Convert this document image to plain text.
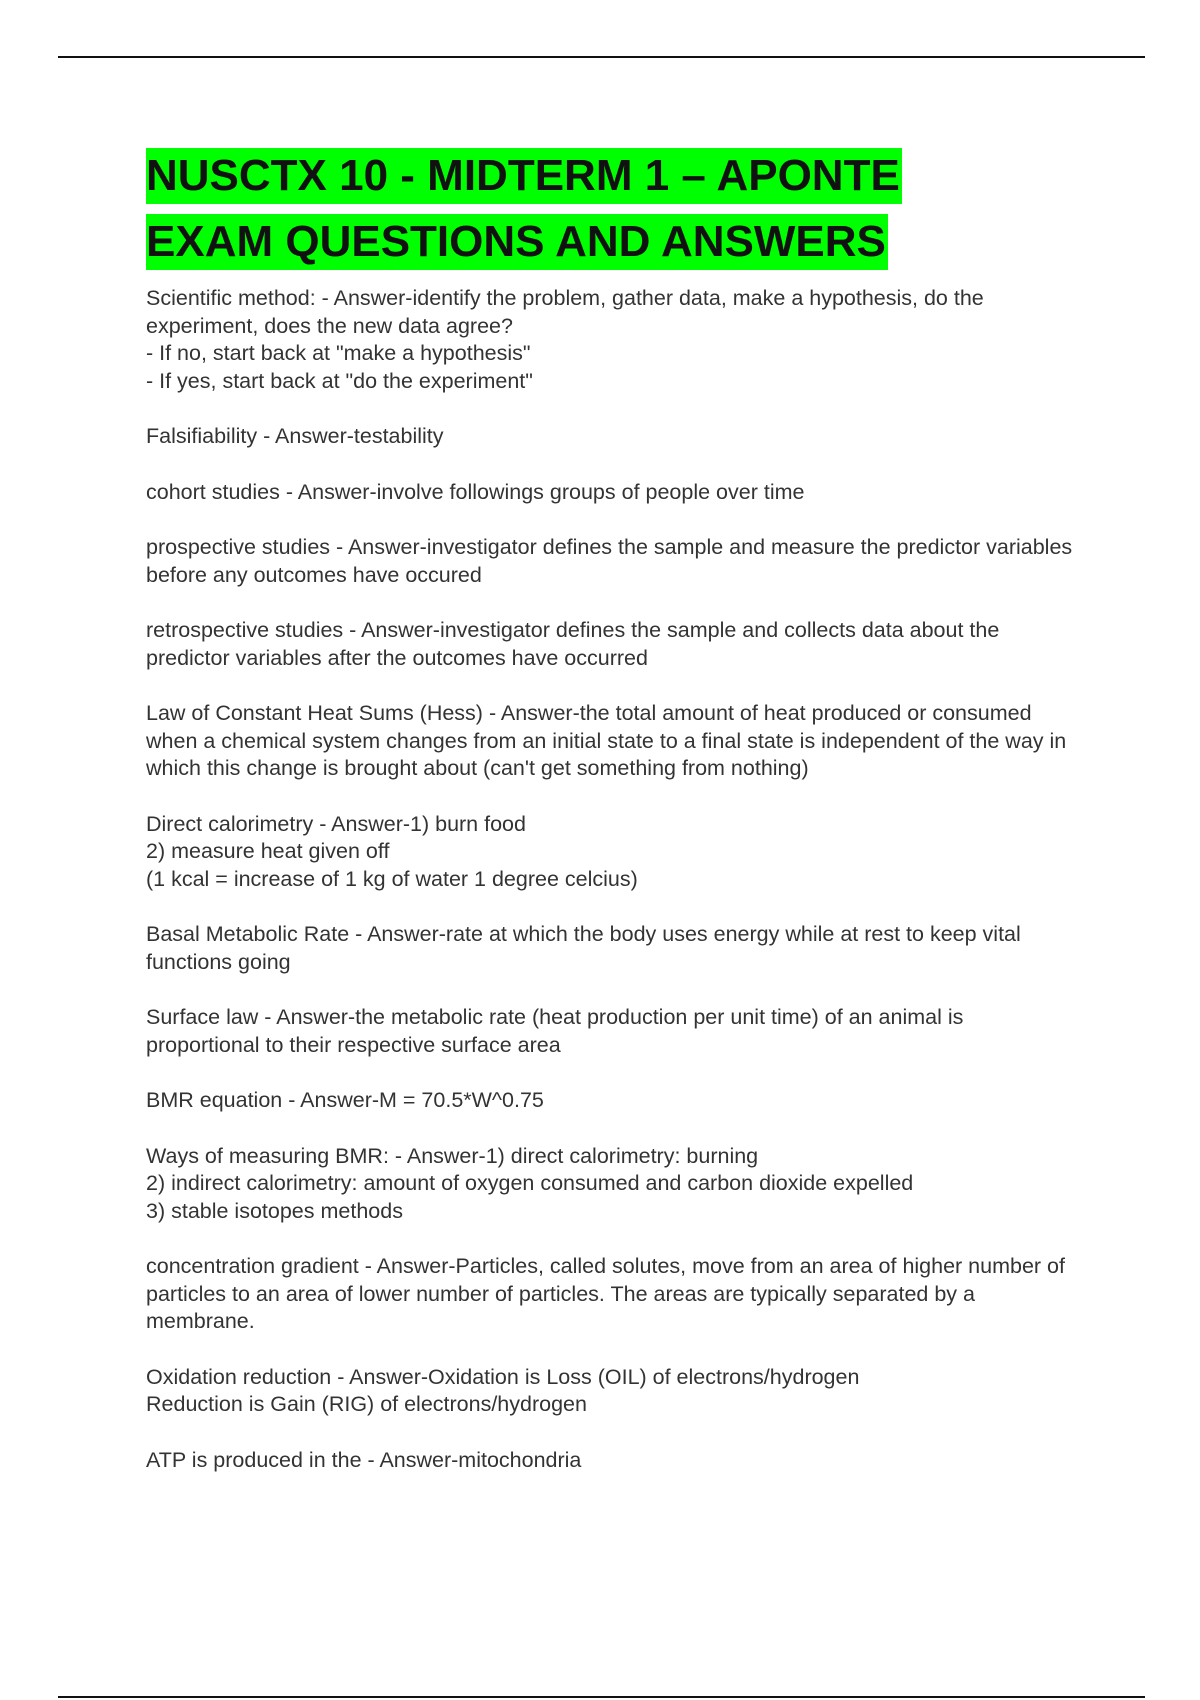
NUSCTX 10 - MIDTERM 1 – APONTE
EXAM QUESTIONS AND ANSWERS
Scientific method: - Answer-identify the problem, gather data, make a hypothesis, do the experiment, does the new data agree?
- If no, start back at "make a hypothesis"
- If yes, start back at "do the experiment"
Falsifiability - Answer-testability
cohort studies - Answer-involve followings groups of people over time
prospective studies - Answer-investigator defines the sample and measure the predictor variables before any outcomes have occured
retrospective studies - Answer-investigator defines the sample and collects data about the predictor variables after the outcomes have occurred
Law of Constant Heat Sums (Hess) - Answer-the total amount of heat produced or consumed when a chemical system changes from an initial state to a final state is independent of the way in which this change is brought about (can't get something from nothing)
Direct calorimetry - Answer-1) burn food
2) measure heat given off
(1 kcal = increase of 1 kg of water 1 degree celcius)
Basal Metabolic Rate - Answer-rate at which the body uses energy while at rest to keep vital functions going
Surface law - Answer-the metabolic rate (heat production per unit time) of an animal is proportional to their respective surface area
BMR equation - Answer-M = 70.5*W^0.75
Ways of measuring BMR: - Answer-1) direct calorimetry: burning
2) indirect calorimetry: amount of oxygen consumed and carbon dioxide expelled
3) stable isotopes methods
concentration gradient - Answer-Particles, called solutes, move from an area of higher number of particles to an area of lower number of particles. The areas are typically separated by a membrane.
Oxidation reduction - Answer-Oxidation is Loss (OIL) of electrons/hydrogen
Reduction is Gain (RIG) of electrons/hydrogen
ATP is produced in the - Answer-mitochondria
